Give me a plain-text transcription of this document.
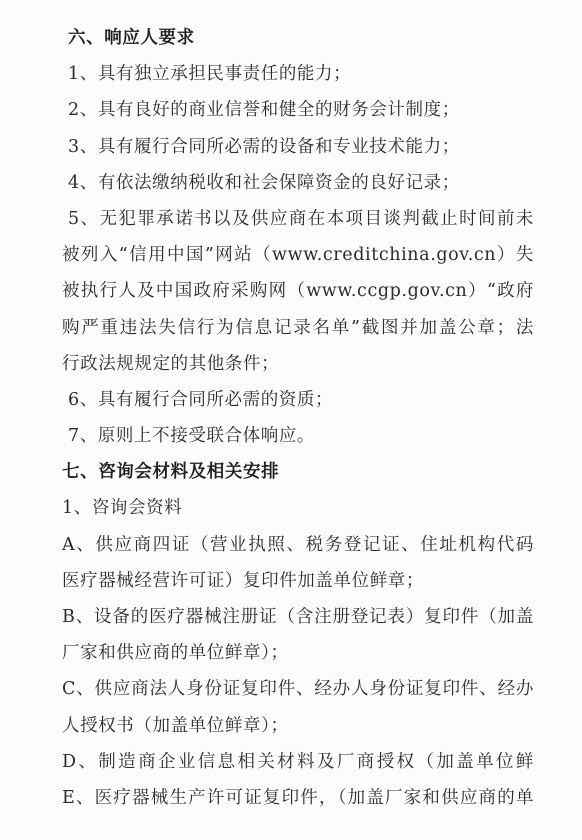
六、响应人要求
1、具有独立承担民事责任的能力；
2、具有良好的商业信誉和健全的财务会计制度；
3、具有履行合同所必需的设备和专业技术能力；
4、有依法缴纳税收和社会保障资金的良好记录；
5、无犯罪承诺书以及供应商在本项目谈判截止时间前未
被列入“信用中国”网站（www.creditchina.gov.cn）失
被执行人及中国政府采购网（www.ccgp.gov.cn）“政府
购严重违法失信行为信息记录名单”截图并加盖公章；法
行政法规规定的其他条件；
6、具有履行合同所必需的资质；
7、原则上不接受联合体响应。
七、咨询会材料及相关安排
1、咨询会资料
A、供应商四证（营业执照、税务登记证、住址机构代码
医疗器械经营许可证）复印件加盖单位鲜章；
B、设备的医疗器械注册证（含注册登记表）复印件（加盖
厂家和供应商的单位鲜章）；
C、供应商法人身份证复印件、经办人身份证复印件、经办
人授权书（加盖单位鲜章）；
D、制造商企业信息相关材料及厂商授权（加盖单位鲜
E、医疗器械生产许可证复印件，（加盖厂家和供应商的单
